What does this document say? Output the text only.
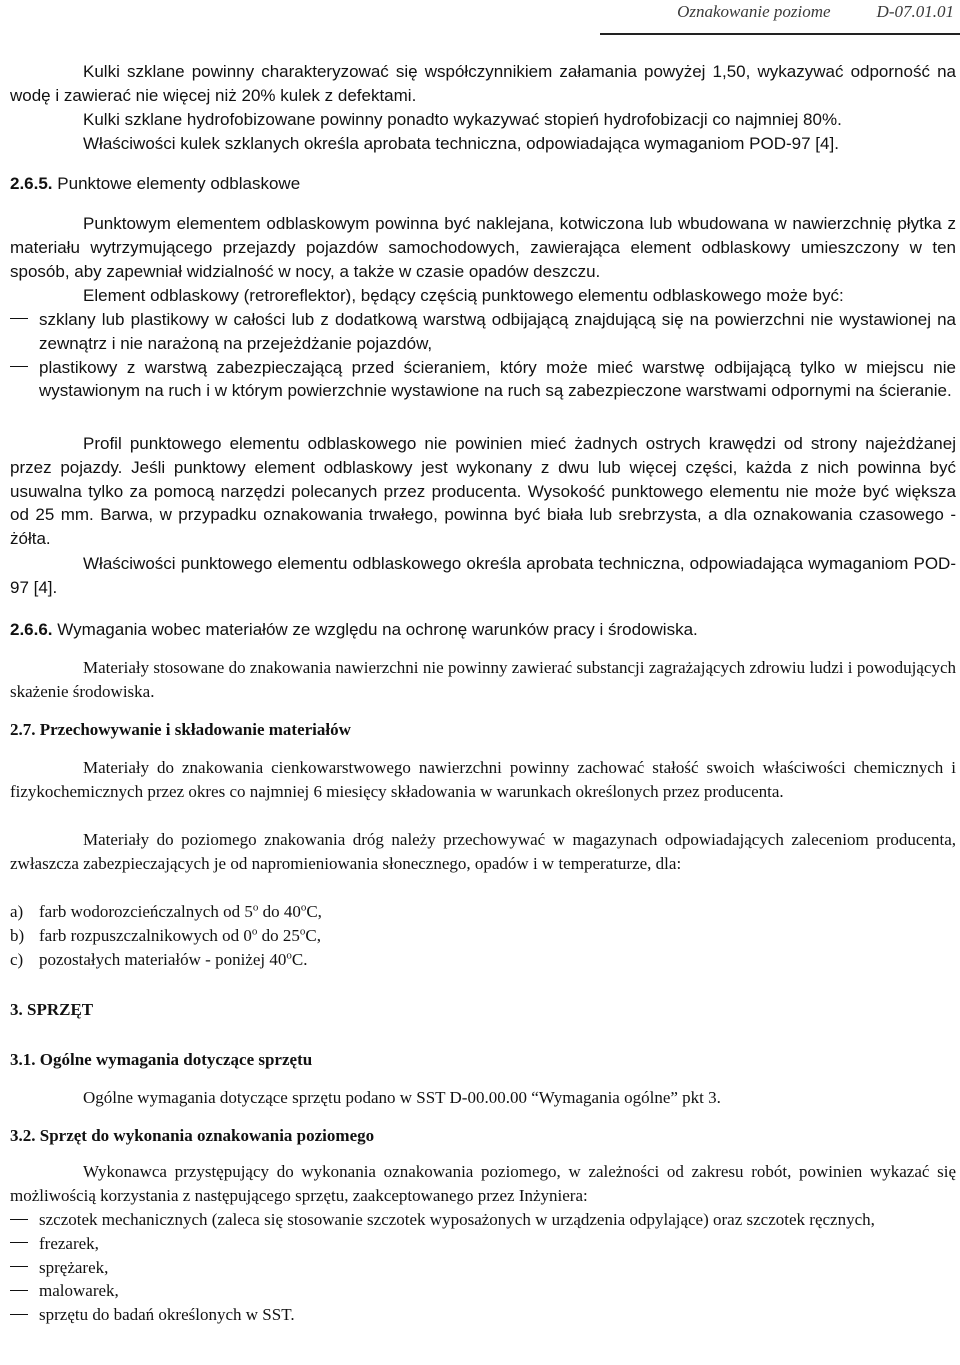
Oznakowanie poziome	D-07.01.01

Kulki szklane powinny charakteryzować się współczynnikiem załamania powyżej 1,50, wykazywać odporność na wodę i zawierać nie więcej niż 20% kulek z defektami.

Kulki szklane hydrofobizowane powinny ponadto wykazywać stopień hydrofobizacji co najmniej 80%.

Właściwości kulek szklanych określa aprobata techniczna, odpowiadająca wymaganiom POD-97 [4].

2.6.5. Punktowe elementy odblaskowe

Punktowym elementem odblaskowym powinna być naklejana, kotwiczona lub wbudowana w nawierzchnię płytka z materiału wytrzymującego przejazdy pojazdów samochodowych, zawierająca element odblaskowy umieszczony w ten sposób, aby zapewniał widzialność w nocy, a także w czasie opadów deszczu.

Element odblaskowy (retroreflektor), będący częścią punktowego elementu odblaskowego może być:

szklany lub plastikowy w całości lub z dodatkową warstwą odbijającą znajdującą się na powierzchni nie wystawionej na zewnątrz i nie narażoną na przejeżdżanie pojazdów,
plastikowy z warstwą zabezpieczającą przed ścieraniem, który może mieć warstwę odbijającą tylko w miejscu nie wystawionym na ruch i w którym powierzchnie wystawione na ruch są zabezpieczone warstwami odpornymi na ścieranie.

Profil punktowego elementu odblaskowego nie powinien mieć żadnych ostrych krawędzi od strony najeżdżanej przez pojazdy. Jeśli punktowy element odblaskowy jest wykonany z dwu lub więcej części, każda z nich powinna być usuwalna tylko za pomocą narzędzi polecanych przez producenta. Wysokość punktowego elementu nie może być większa od 25 mm. Barwa, w przypadku oznakowania trwałego, powinna być biała lub srebrzysta, a dla oznakowania czasowego - żółta.

Właściwości punktowego elementu odblaskowego określa aprobata techniczna, odpowiadająca wymaganiom POD-97 [4].

2.6.6. Wymagania wobec materiałów ze względu na ochronę warunków pracy i środowiska.

Materiały stosowane do znakowania nawierzchni nie powinny zawierać substancji zagrażających zdrowiu ludzi i powodujących skażenie środowiska.

2.7. Przechowywanie i składowanie materiałów

Materiały do znakowania cienkowarstwowego nawierzchni powinny zachować stałość swoich właściwości chemicznych i fizykochemicznych przez okres co najmniej 6 miesięcy składowania w warunkach określonych przez producenta.

Materiały do poziomego znakowania dróg należy przechowywać w magazynach odpowiadających zaleceniom producenta, zwłaszcza zabezpieczających je od napromieniowania słonecznego, opadów i w temperaturze, dla:

a) farb wodorozcieńczalnych od 5$^o$ do 40$^o$C,
b) farb rozpuszczalnikowych od 0$^o$ do 25$^o$C,
c) pozostałych materiałów - poniżej 40$^o$C.

3. SPRZĘT

3.1. Ogólne wymagania dotyczące sprzętu

Ogólne wymagania dotyczące sprzętu podano w SST D-00.00.00 “Wymagania ogólne” pkt 3.

3.2. Sprzęt do wykonania oznakowania poziomego

Wykonawca przystępujący do wykonania oznakowania poziomego, w zależności od zakresu robót, powinien wykazać się możliwością korzystania z następującego sprzętu, zaakceptowanego przez Inżyniera:

szczotek mechanicznych (zaleca się stosowanie szczotek wyposażonych w urządzenia odpylające) oraz szczotek ręcznych,
frezarek,
sprężarek,
malowarek,
sprzętu do badań określonych w SST.
